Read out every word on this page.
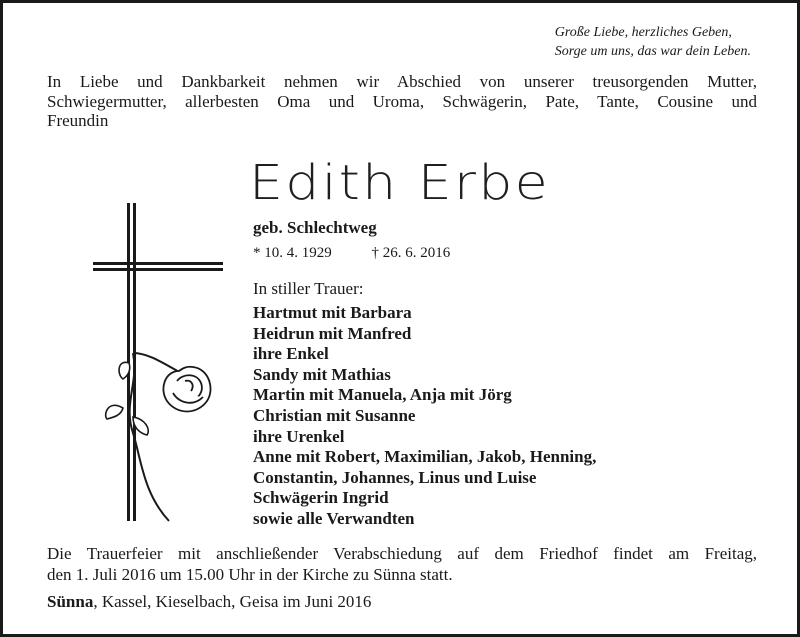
Große Liebe, herzliches Geben,
Sorge um uns, das war dein Leben.
In Liebe und Dankbarkeit nehmen wir Abschied von unserer treusorgenden Mutter,
Schwiegermutter, allerbesten Oma und Uroma, Schwägerin, Pate, Tante, Cousine und
Freundin
Edith Erbe
geb. Schlechtweg
* 10. 4. 1929	† 26. 6. 2016
In stiller Trauer:
Hartmut mit Barbara
Heidrun mit Manfred
ihre Enkel
Sandy mit Mathias
Martin mit Manuela, Anja mit Jörg
Christian mit Susanne
ihre Urenkel
Anne mit Robert, Maximilian, Jakob, Henning,
Constantin, Johannes, Linus und Luise
Schwägerin Ingrid
sowie alle Verwandten
Die Trauerfeier mit anschließender Verabschiedung auf dem Friedhof findet am Freitag,
den 1. Juli 2016 um 15.00 Uhr in der Kirche zu Sünna statt.
Sünna, Kassel, Kieselbach, Geisa im Juni 2016
